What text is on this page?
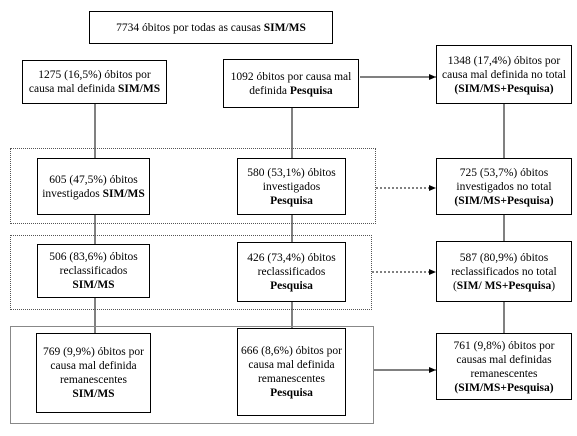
7734 óbitos por todas as causas SIM/MS
1275 (16,5%) óbitos por causa mal definida SIM/MS
1092 óbitos por causa mal definida Pesquisa
1348 (17,4%) óbitos por causa mal definida no total (SIM/MS+Pesquisa)
605 (47,5%) óbitos investigados SIM/MS
580 (53,1%) óbitos investigados Pesquisa
725 (53,7%) óbitos investigados no total (SIM/MS+Pesquisa)
506 (83,6%) óbitos reclassificados SIM/MS
426 (73,4%) óbitos reclassificados Pesquisa
587 (80,9%) óbitos reclassificados no total (SIM/ MS+Pesquisa)
769 (9,9%) óbitos por causa mal definida remanescentes SIM/MS
666 (8,6%) óbitos por causa mal definida remanescentes Pesquisa
761 (9,8%) óbitos por causas mal definidas remanescentes (SIM/MS+Pesquisa)
